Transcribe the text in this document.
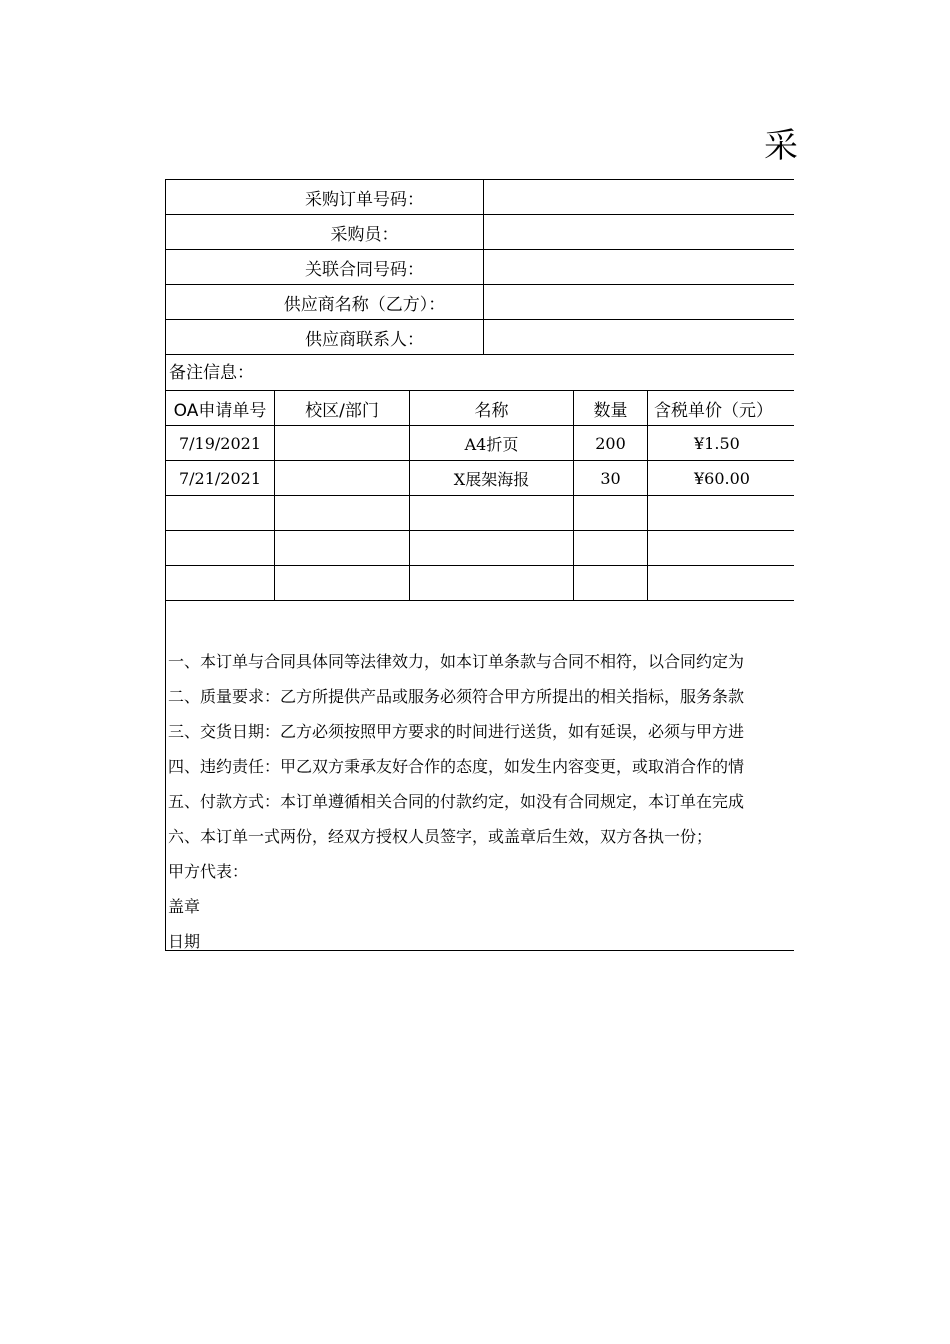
采
采购订单号码：
采购员：
关联合同号码：
供应商名称（乙方）：
供应商联系人：
备注信息：
OA申请单号	校区/部门	名称	数量	含税单价（元）
7/19/2021		A4折页	200	¥1.50
7/21/2021		X展架海报	30	¥60.00

一、本订单与合同具体同等法律效力，如本订单条款与合同不相符，以合同约定为
二、质量要求：乙方所提供产品或服务必须符合甲方所提出的相关指标，服务条款
三、交货日期：乙方必须按照甲方要求的时间进行送货，如有延误，必须与甲方进
四、违约责任：甲乙双方秉承友好合作的态度，如发生内容变更，或取消合作的情
五、付款方式：本订单遵循相关合同的付款约定，如没有合同规定，本订单在完成
六、本订单一式两份，经双方授权人员签字，或盖章后生效，双方各执一份；
甲方代表：
盖章
日期
